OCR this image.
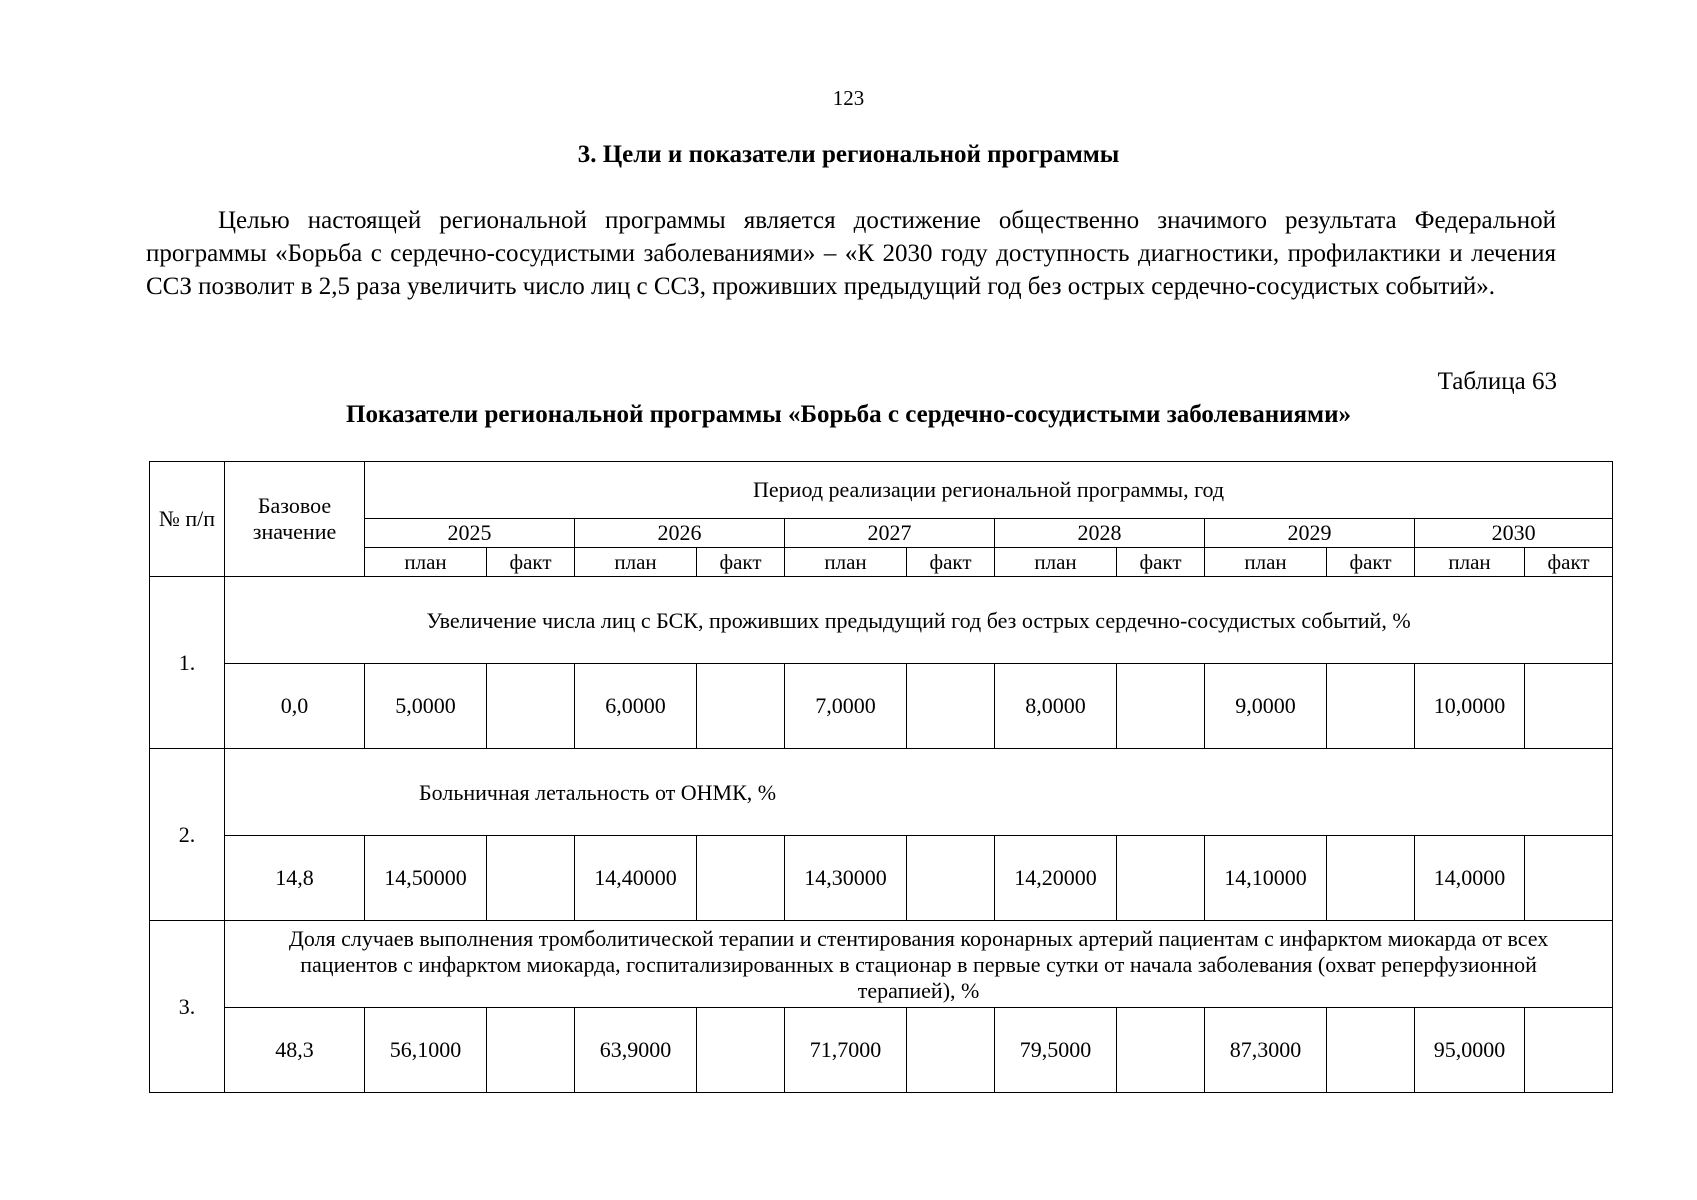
123
3. Цели и показатели региональной программы

Целью настоящей региональной программы является достижение общественно значимого результата Федеральной программы «Борьба с сердечно-сосудистыми заболеваниями» – «К 2030 году доступность диагностики, профилактики и лечения ССЗ позволит в 2,5 раза увеличить число лиц с ССЗ, проживших предыдущий год без острых сердечно-сосудистых событий».

Таблица 63
Показатели региональной программы «Борьба с сердечно-сосудистыми заболеваниями»
№ п/п	Базовое значение	Период реализации региональной программы, год											
		2025		2026		2027		2028		2029		2030	
		план	факт	план	факт	план	факт	план	факт	план	факт	план	факт
1.	Увеличение числа лиц с БСК, проживших предыдущий год без острых сердечно-сосудистых событий, %												
	0,0	5,0000		6,0000		7,0000		8,0000		9,0000		10,0000	
2.	Больничная летальность от ОНМК, %												
	14,8	14,50000		14,40000		14,30000		14,20000		14,10000		14,0000	
3.	Доля случаев выполнения тромболитической терапии и стентирования коронарных артерий пациентам с инфарктом миокарда от всех пациентов с инфарктом миокарда, госпитализированных в стационар в первые сутки от начала заболевания (охват реперфузионной терапией), %												
	48,3	56,1000		63,9000		71,7000		79,5000		87,3000		95,0000	
